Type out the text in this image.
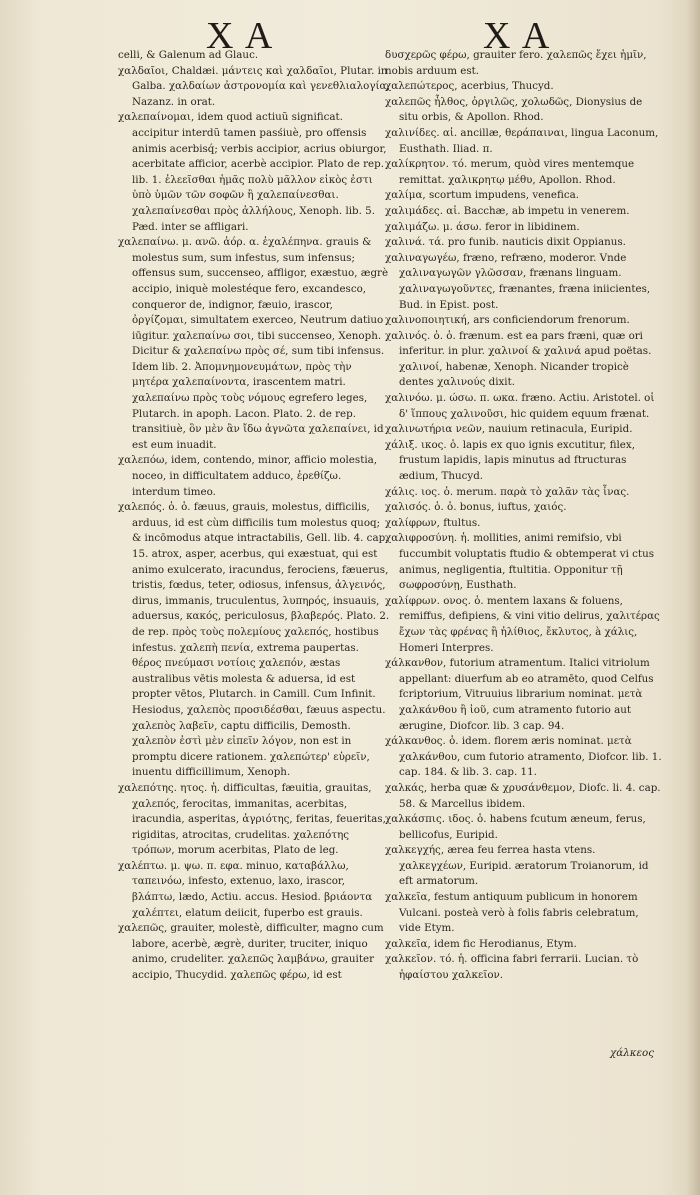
X A	X A

celli, & Galenum ad Glauc.

χαλδαῖοι, Chaldæi. μάντεις καὶ χαλδαῖοι, Plutar. in Galba. χαλδαίων ἀστρονομία καὶ γενεθλιαλογία, Nazanz. in orat.

χαλεπαίνομαι, idem quod actiuũ significat. accipitur interdũ tamen pasśiuè, pro offensis animis acerbisq́; verbis accipior, acrius obiurgor, acerbitate afficior, acerbè accipior. Plato de rep. lib. 1. ἐλεεῖσθαι ἡμᾶς πολὺ μᾶλλον εἰκὸς ἐστι ὑπὸ ὑμῶν τῶν σοφῶν ἢ χαλεπαίνεσθαι. χαλεπαίνεσθαι πρὸς ἀλλήλους, Xenoph. lib. 5. Pæd. inter se affligari.

χαλεπαίνω. μ. ανῶ. ἀόρ. α. ἐχαλέπηνα. grauis & molestus sum, sum infestus, sum infensus; offensus sum, succenseo, affligor, exæstuo, ægrè accipio, iniquè molestéque fero, excandesco, conqueror de, indignor, fæuio, irascor, ὀργίζομαι, simultatem exerceo, Neutrum datiuo iūgitur. χαλεπαίνω σοι, tibi succenseo, Xenoph. Dicitur & χαλεπαίνω πρὸς σέ, sum tibi infensus. Idem lib. 2. Ἀπομνημονευμάτων, πρὸς τὴν μητέρα χαλεπαίνοντα, irascentem matri. χαλεπαίνω πρὸς τοὺς νόμους egrefero leges, Plutarch. in apoph. Lacon. Plato. 2. de rep. transitiuè, ὃν μὲν ἂν ἴδω ἀγνῶτα χαλεπαίνει, id est eum inuadit.

χαλεπόω, idem, contendo, minor, afficio molestia, noceo, in difficultatem adduco, ἐρεθίζω. interdum timeo.

χαλεπός. ὁ. ὁ. fæuus, grauis, molestus, difficilis, arduus, id est cùm difficilis tum molestus quoq; & incōmodus atque intractabilis, Gell. lib. 4. cap. 15. atrox, asper, acerbus, qui exæstuat, qui est animo exulcerato, iracundus, ferociens, fæuerus, tristis, fœdus, teter, odiosus, infensus, ἀλγεινός, dirus, immanis, truculentus, λυπηρός, insuauis, aduersus, κακός, periculosus, βλαβερός. Plato. 2. de rep. πρὸς τοὺς πολεμίους χαλεπός, hostibus infestus. χαλεπὴ πενία, extrema paupertas. θέρος πνεύμασι νοτίοις χαλεπόν, æstas australibus vētis molesta & aduersa, id est propter vētos, Plutarch. in Camill. Cum Infinit. Hesiodus, χαλεπὸς προσιδέσθαι, fæuus aspectu. χαλεπὸς λαβεῖν, captu difficilis, Demosth. χαλεπὸν ἐστὶ μὲν εἰπεῖν λόγον, non est in promptu dicere rationem. χαλεπώτερ' εὑρεῖν, inuentu difficillimum, Xenoph.

χαλεπότης. ητος. ἡ. difficultas, fæuitia, grauitas, χαλεπός, ferocitas, immanitas, acerbitas, iracundia, asperitas, ἀγριότης, feritas, feueritas, rigiditas, atrocitas, crudelitas. χαλεπότης τρόπων, morum acerbitas, Plato de leg.

χαλέπτω. μ. ψω. π. εφα. minuo, καταβάλλω, ταπεινόω, infesto, extenuo, laxo, irascor, βλάπτω, lædo, Actiu. accus. Hesiod. βριάοντα χαλέπτει, elatum deiicit, fuperbo est grauis.

χαλεπῶς, grauiter, molestè, difficulter, magno cum labore, acerbè, ægrè, duriter, truciter, iniquo animo, crudeliter. χαλεπῶς λαμβάνω, grauiter accipio, Thucydid. χαλεπῶς φέρω, id est

δυσχερῶς φέρω, grauiter fero. χαλεπῶς ἔχει ἡμῖν, nobis arduum est.

χαλεπώτερος, acerbius, Thucyd.

χαλεπῶς ἦλθος, ὀργιλῶς, χολωδῶς, Dionysius de situ orbis, & Apollon. Rhod.

χαλινίδες. αἱ. ancillæ, θεράπαιναι, lingua Laconum, Eusthath. Iliad. π.

χαλίκρητον. τό. merum, quòd vires mentemque remittat. χαλικρητῳ μέθυ, Apollon. Rhod.

χαλίμα, scortum impudens, venefica.

χαλιμάδες. αἱ. Bacchæ, ab impetu in venerem.

χαλιμάζω. μ. άσω. feror in libidinem.

χαλινά. τά. pro funib. nauticis dixit Oppianus.

χαλιναγωγέω, fræno, refræno, moderor. Vnde χαλιναγωγῶν γλῶσσαν, frænans linguam. χαλιναγωγοῦντες, frænantes, fræna iniicientes, Bud. in Epist. post.

χαλινοποιητική, ars conficiendorum frenorum.

χαλινός. ὁ. ὁ. frænum. est ea pars fræni, quæ ori inferitur. in plur. χαλινοί & χαλινά apud poëtas. χαλινοί, habenæ, Xenoph. Nicander tropicè dentes χαλινούς dixit.

χαλινόω. μ. ώσω. π. ωκα. fræno. Actiu. Aristotel. οἱ δ' ἵππους χαλινοῦσι, hic quidem equum frænat.

χαλινωτήρια νεῶν, nauium retinacula, Euripid.

χάλιξ. ικος. ὁ. lapis ex quo ignis excutitur, filex, frustum lapidis, lapis minutus ad ftructuras ædium, Thucyd.

χάλις. ιος. ὁ. merum. παρὰ τὸ χαλᾶν τὰς ἶνας.

χαλισός. ὁ. ὁ. bonus, iuftus, χαιός.

χαλίφρων, ftultus.

χαλιφροσύνη. ἡ. mollities, animi remifsio, vbi fuccumbit voluptatis ftudio & obtemperat vi ctus animus, negligentia, ftultitia. Opponitur τῇ σωφροσύνῃ, Eusthath.

χαλίφρων. ονος. ὁ. mentem laxans & foluens, remiffus, defipiens, & vini vitio delirus, χαλιτέρας ἔχων τὰς φρένας ἢ ἠλίθιος, ἔκλυτος, à χάλις, Homeri Interpres.

χάλκανθον, futorium atramentum. Italici vitriolum appellant: diuerfum ab eo atramēto, quod Celfus fcriptorium, Vitruuius librarium nominat. μετὰ χαλκάνθου ἢ ἰοῦ, cum atramento futorio aut ærugine, Diofcor. lib. 3 cap. 94.

χάλκανθος. ὁ. idem. florem æris nominat. μετὰ χαλκάνθου, cum futorio atramento, Diofcor. lib. 1. cap. 184. & lib. 3. cap. 11.

χαλκάς, herba quæ & χρυσάνθεμον, Diofc. li. 4. cap. 58. & Marcellus ibidem.

χαλκάσπις. ιδος. ὁ. habens fcutum æneum, ferus, bellicofus, Euripid.

χαλκεγχής, ærea feu ferrea hasta vtens. χαλκεγχέων, Euripid. æratorum Troianorum, id eft armatorum.

χαλκεῖα, festum antiquum publicum in honorem Vulcani. posteà verò à folis fabris celebratum, vide Etym.

χαλκεῖα, idem fic Herodianus, Etym.

χαλκεῖον. τό. ἡ. officina fabri ferrarii. Lucian. τὸ ἡφαίστου χαλκεῖον.

χάλκεος
